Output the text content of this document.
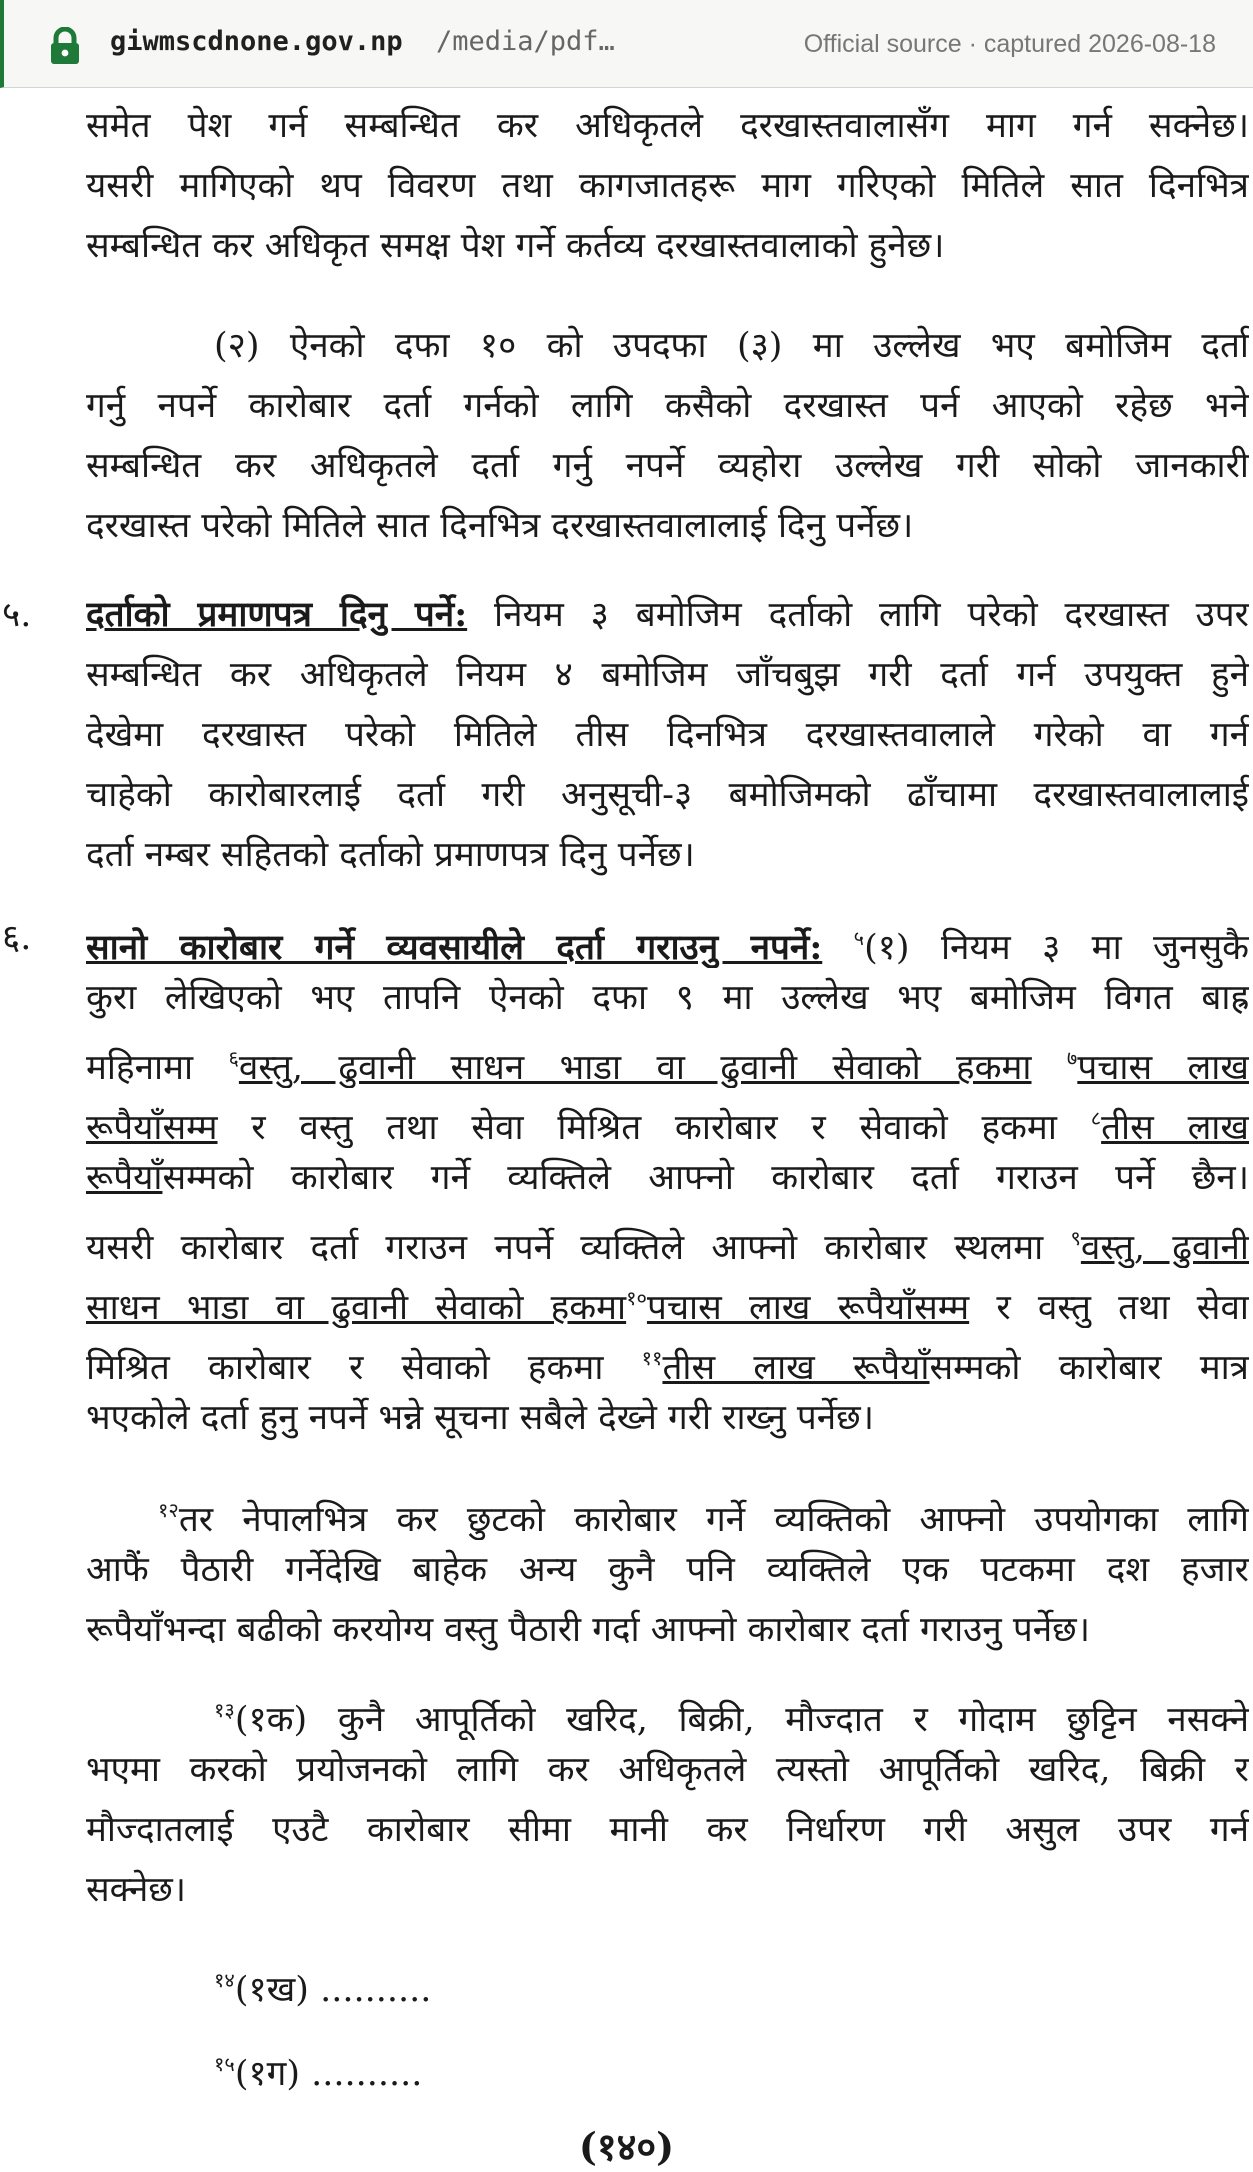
giwmscdnone.gov.np /media/pdf…	Official source · captured 2026-08-18
समेत पेश गर्न सम्बन्धित कर अधिकृतले दरखास्तवालासँग माग गर्न सक्नेछ।
यसरी मागिएको थप विवरण तथा कागजातहरू माग गरिएको मितिले सात दिनभित्र
सम्बन्धित कर अधिकृत समक्ष पेश गर्ने कर्तव्य दरखास्तवालाको हुनेछ।
(२) ऐनको दफा १० को उपदफा (३) मा उल्लेख भए बमोजिम दर्ता
गर्नु नपर्ने कारोबार दर्ता गर्नको लागि कसैको दरखास्त पर्न आएको रहेछ भने
सम्बन्धित कर अधिकृतले दर्ता गर्नु नपर्ने व्यहोरा उल्लेख गरी सोको जानकारी
दरखास्त परेको मितिले सात दिनभित्र दरखास्तवालालाई दिनु पर्नेछ।
५. दर्ताको प्रमाणपत्र दिनु पर्ने: नियम ३ बमोजिम दर्ताको लागि परेको दरखास्त उपर
सम्बन्धित कर अधिकृतले नियम ४ बमोजिम जाँचबुझ गरी दर्ता गर्न उपयुक्त हुने
देखेमा दरखास्त परेको मितिले तीस दिनभित्र दरखास्तवालाले गरेको वा गर्न
चाहेको कारोबारलाई दर्ता गरी अनुसूची-३ बमोजिमको ढाँचामा दरखास्तवालालाई
दर्ता नम्बर सहितको दर्ताको प्रमाणपत्र दिनु पर्नेछ।
६. सानो कारोबार गर्ने व्यवसायीले दर्ता गराउनु नपर्ने: $^५$(१) नियम ३ मा जुनसुकै
कुरा लेखिएको भए तापनि ऐनको दफा ९ मा उल्लेख भए बमोजिम विगत बाह्र
महिनामा $^६$वस्तु, ढुवानी साधन भाडा वा ढुवानी सेवाको हकमा $^७$पचास लाख
रूपैयाँसम्म र वस्तु तथा सेवा मिश्रित कारोबार र सेवाको हकमा $^८$तीस लाख
रूपैयाँसम्मको कारोबार गर्ने व्यक्तिले आफ्नो कारोबार दर्ता गराउन पर्ने छैन।
यसरी कारोबार दर्ता गराउन नपर्ने व्यक्तिले आफ्नो कारोबार स्थलमा $^९$वस्तु, ढुवानी
साधन भाडा वा ढुवानी सेवाको हकमा$^{१०}$पचास लाख रूपैयाँसम्म र वस्तु तथा सेवा
मिश्रित कारोबार र सेवाको हकमा $^{११}$तीस लाख रूपैयाँसम्मको कारोबार मात्र
भएकोले दर्ता हुनु नपर्ने भन्ने सूचना सबैले देख्ने गरी राख्नु पर्नेछ।
$^{१२}$तर नेपालभित्र कर छुटको कारोबार गर्ने व्यक्तिको आफ्नो उपयोगका लागि
आफैं पैठारी गर्नेदेखि बाहेक अन्य कुनै पनि व्यक्तिले एक पटकमा दश हजार
रूपैयाँभन्दा बढीको करयोग्य वस्तु पैठारी गर्दा आफ्नो कारोबार दर्ता गराउनु पर्नेछ।
$^{१३}$(१क) कुनै आपूर्तिको खरिद, बिक्री, मौज्दात र गोदाम छुट्टिन नसक्ने
भएमा करको प्रयोजनको लागि कर अधिकृतले त्यस्तो आपूर्तिको खरिद, बिक्री र
मौज्दातलाई एउटै कारोबार सीमा मानी कर निर्धारण गरी असुल उपर गर्न
सक्नेछ।
$^{१४}$(१ख) ..........
$^{१५}$(१ग) ..........
(१४०)
